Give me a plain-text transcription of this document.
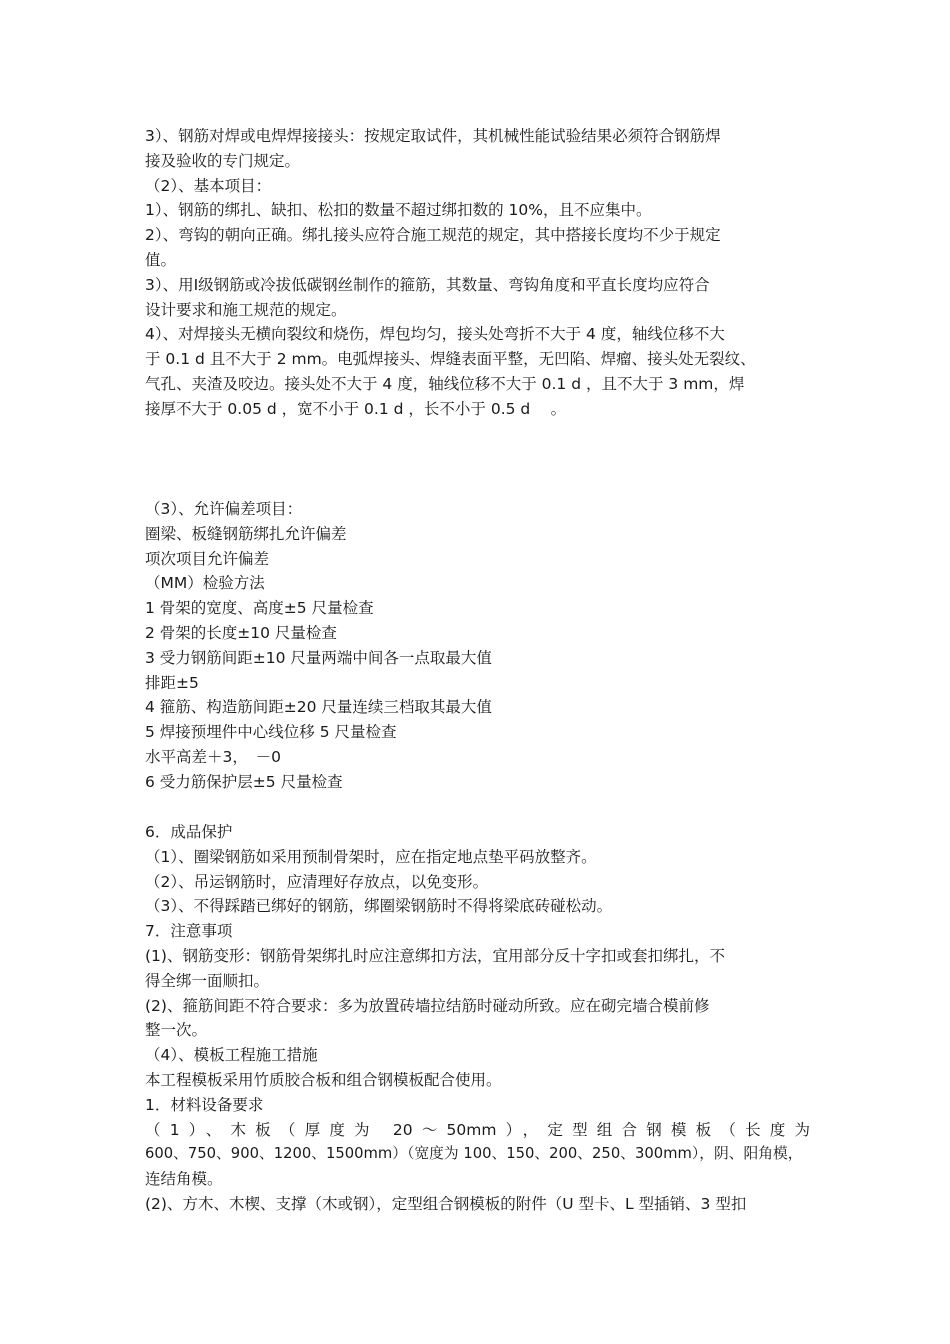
3）、钢筋对焊或电焊焊接接头：按规定取试件，其机械性能试验结果必须符合钢筋焊
接及验收的专门规定。
（2）、基本项目：
1）、钢筋的绑扎、缺扣、松扣的数量不超过绑扣数的 10%，且不应集中。
2）、弯钩的朝向正确。绑扎接头应符合施工规范的规定，其中搭接长度均不少于规定
值。
3）、用Ⅰ级钢筋或冷拔低碳钢丝制作的箍筋，其数量、弯钩角度和平直长度均应符合
设计要求和施工规范的规定。
4）、对焊接头无横向裂纹和烧伤，焊包均匀，接头处弯折不大于 4 度，轴线位移不大
于 0.1 d 且不大于 2 mm。电弧焊接头、焊缝表面平整，无凹陷、焊瘤、接头处无裂纹、
气孔、夹渣及咬边。接头处不大于 4 度，轴线位移不大于 0.1 d ，且不大于 3 mm，焊
接厚不大于 0.05 d ，宽不小于 0.1 d ，长不小于 0.5 d　 。
（3）、允许偏差项目：
圈梁、板缝钢筋绑扎允许偏差
项次项目允许偏差
（MM）检验方法
1 骨架的宽度、高度±5 尺量检查
2 骨架的长度±10 尺量检查
3 受力钢筋间距±10 尺量两端中间各一点取最大值
排距±5
4 箍筋、构造筋间距±20 尺量连续三档取其最大值
5 焊接预埋件中心线位移 5 尺量检查
水平高差＋3，　－0
6 受力筋保护层±5 尺量检查
6．成品保护
（1）、圈梁钢筋如采用预制骨架时，应在指定地点垫平码放整齐。
（2）、吊运钢筋时，应清理好存放点，以免变形。
（3）、不得踩踏已绑好的钢筋，绑圈梁钢筋时不得将梁底砖碰松动。
7．注意事项
(1)、钢筋变形：钢筋骨架绑扎时应注意绑扣方法，宜用部分反十字扣或套扣绑扎，不
得全绑一面顺扣。
(2)、箍筋间距不符合要求：多为放置砖墙拉结筋时碰动所致。应在砌完墙合模前修
整一次。
（4）、模板工程施工措施
本工程模板采用竹质胶合板和组合钢模板配合使用。
1．材料设备要求
（1）、木板（厚度为 20～50mm），定型组合钢模板（长度为
600、750、900、1200、1500mm）（宽度为 100、150、200、250、300mm），阴、阳角模，
连结角模。
(2)、方木、木楔、支撑（木或钢），定型组合钢模板的附件（U 型卡、L 型插销、3 型扣
